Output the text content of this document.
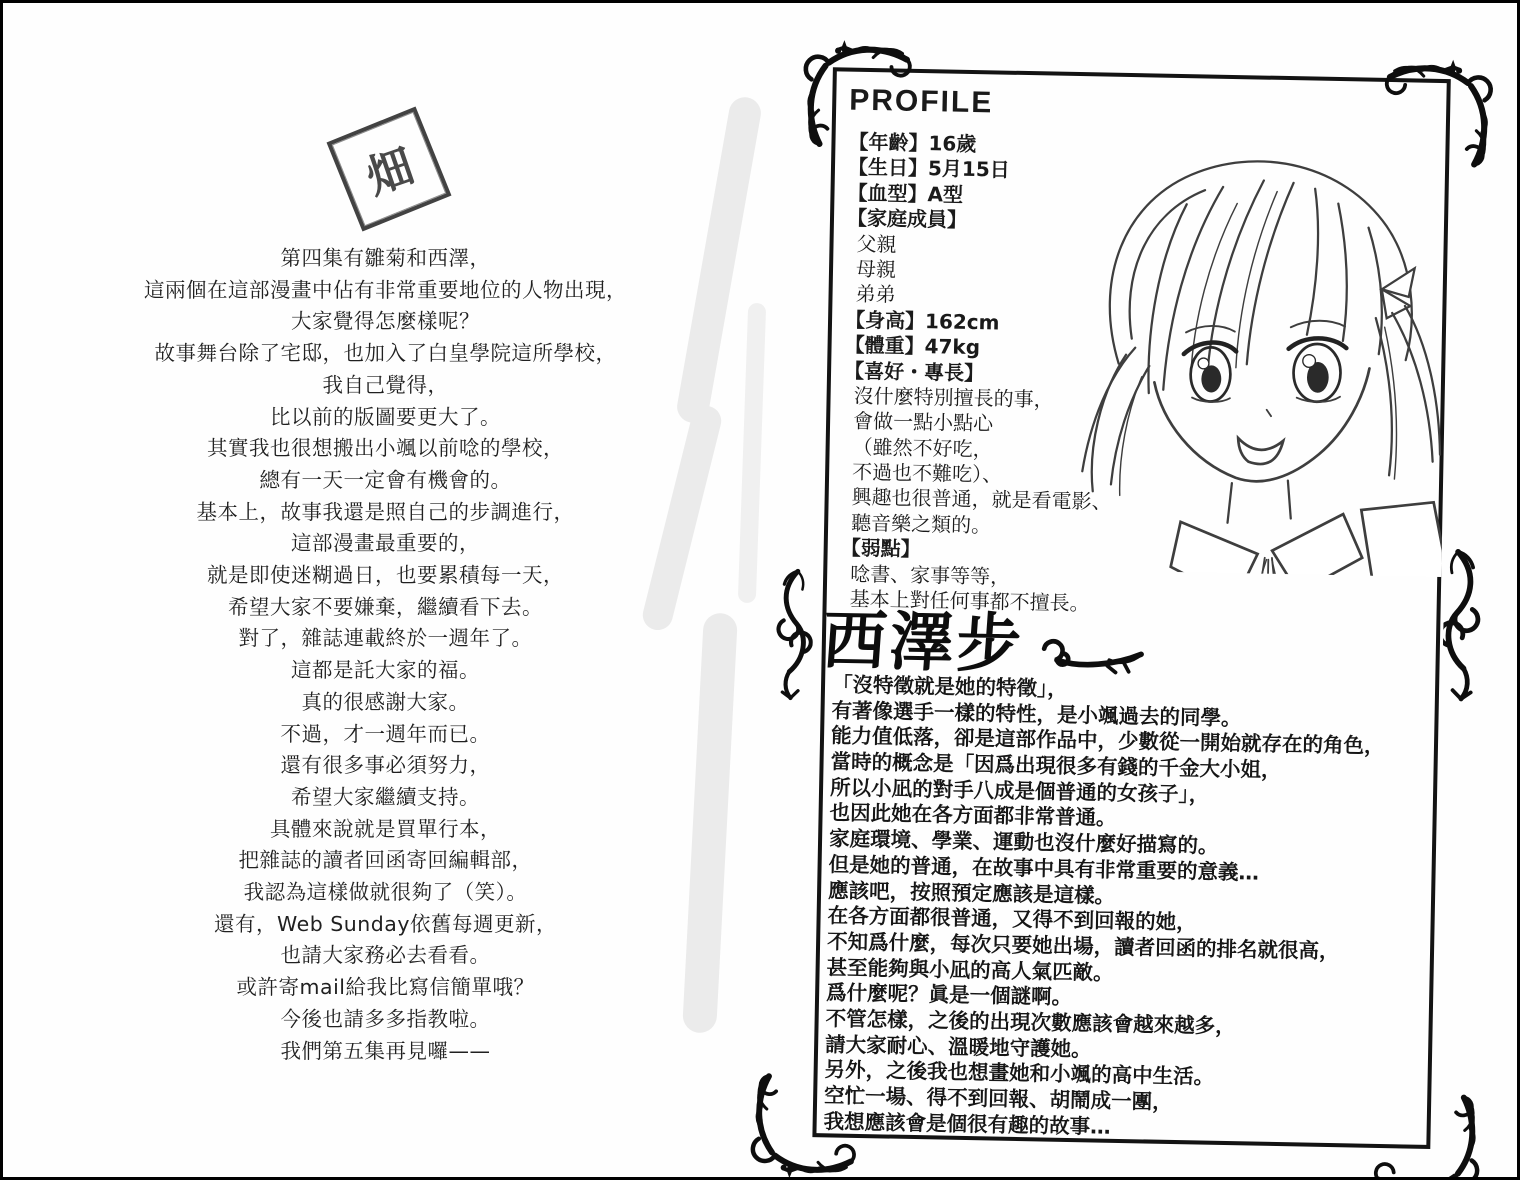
畑
第四集有雛菊和西澤，
這兩個在這部漫畫中佔有非常重要地位的人物出現，
大家覺得怎麼樣呢？
故事舞台除了宅邸，也加入了白皇學院這所學校，
我自己覺得，
比以前的版圖要更大了。
其實我也很想搬出小颯以前唸的學校，
總有一天一定會有機會的。
基本上，故事我還是照自己的步調進行，
這部漫畫最重要的，
就是即使迷糊過日，也要累積每一天，
希望大家不要嫌棄，繼續看下去。
對了，雜誌連載終於一週年了。
這都是託大家的福。
真的很感謝大家。
不過，才一週年而已。
還有很多事必須努力，
希望大家繼續支持。
具體來說就是買單行本，
把雜誌的讀者回函寄回編輯部，
我認為這樣做就很夠了（笑）。
還有，Web Sunday依舊每週更新，
也請大家務必去看看。
或許寄mail給我比寫信簡單哦？
今後也請多多指教啦。
我們第五集再見囉——
PROFILE
【年齡】16歲
【生日】5月15日
【血型】A型
【家庭成員】
父親
母親
弟弟
【身高】162cm
【體重】47kg
【喜好・專長】
沒什麼特別擅長的事，
會做一點小點心
（雖然不好吃，
不過也不難吃）、
興趣也很普通，就是看電影、
聽音樂之類的。
【弱點】
唸書、家事等等，
基本上對任何事都不擅長。
西澤步
「沒特徵就是她的特徵」，
有著像選手一樣的特性，是小颯過去的同學。
能力值低落，卻是這部作品中，少數從一開始就存在的角色，
當時的概念是「因爲出現很多有錢的千金大小姐，
所以小凪的對手八成是個普通的女孩子」，
也因此她在各方面都非常普通。
家庭環境、學業、運動也沒什麼好描寫的。
但是她的普通，在故事中具有非常重要的意義…
應該吧，按照預定應該是這樣。
在各方面都很普通，又得不到回報的她，
不知爲什麼，每次只要她出場，讀者回函的排名就很高，
甚至能夠與小凪的高人氣匹敵。
爲什麼呢？眞是一個謎啊。
不管怎樣，之後的出現次數應該會越來越多，
請大家耐心、溫暖地守護她。
另外，之後我也想畫她和小颯的高中生活。
空忙一場、得不到回報、胡鬧成一團，
我想應該會是個很有趣的故事…
